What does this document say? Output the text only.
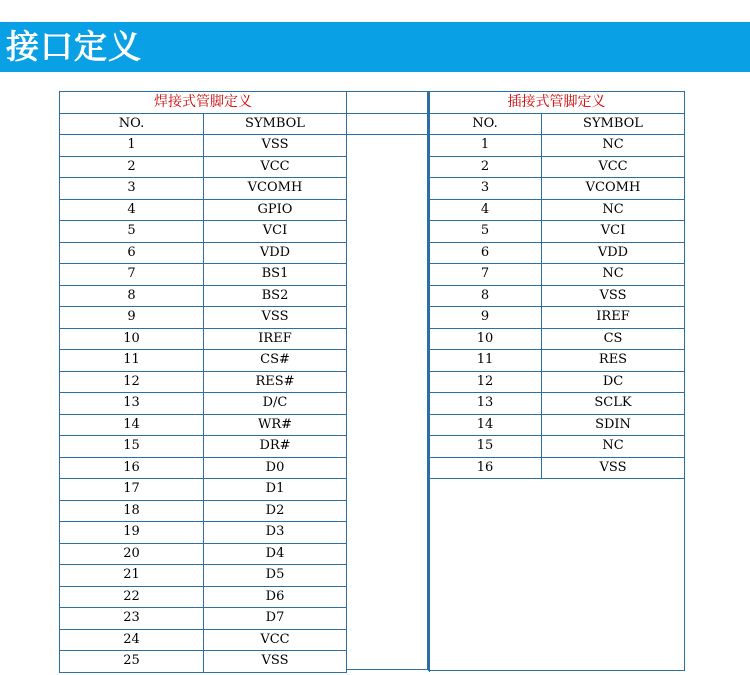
接口定义
焊接式管脚定义		
NO.	SYMBOL	
1	VSS	
2	VCC	
3	VCOMH	
4	GPIO	
5	VCI	
6	VDD	
7	BS1	
8	BS2	
9	VSS	
10	IREF	
11	CS#	
12	RES#	
13	D/C	
14	WR#	
15	DR#	
16	D0	
17	D1	
18	D2	
19	D3	
20	D4	
21	D5	
22	D6	
23	D7	
24	VCC	
25	VSS	
插接式管脚定义	
NO.	SYMBOL
1	NC
2	VCC
3	VCOMH
4	NC
5	VCI
6	VDD
7	NC
8	VSS
9	IREF
10	CS
11	RES
12	DC
13	SCLK
14	SDIN
15	NC
16	VSS
